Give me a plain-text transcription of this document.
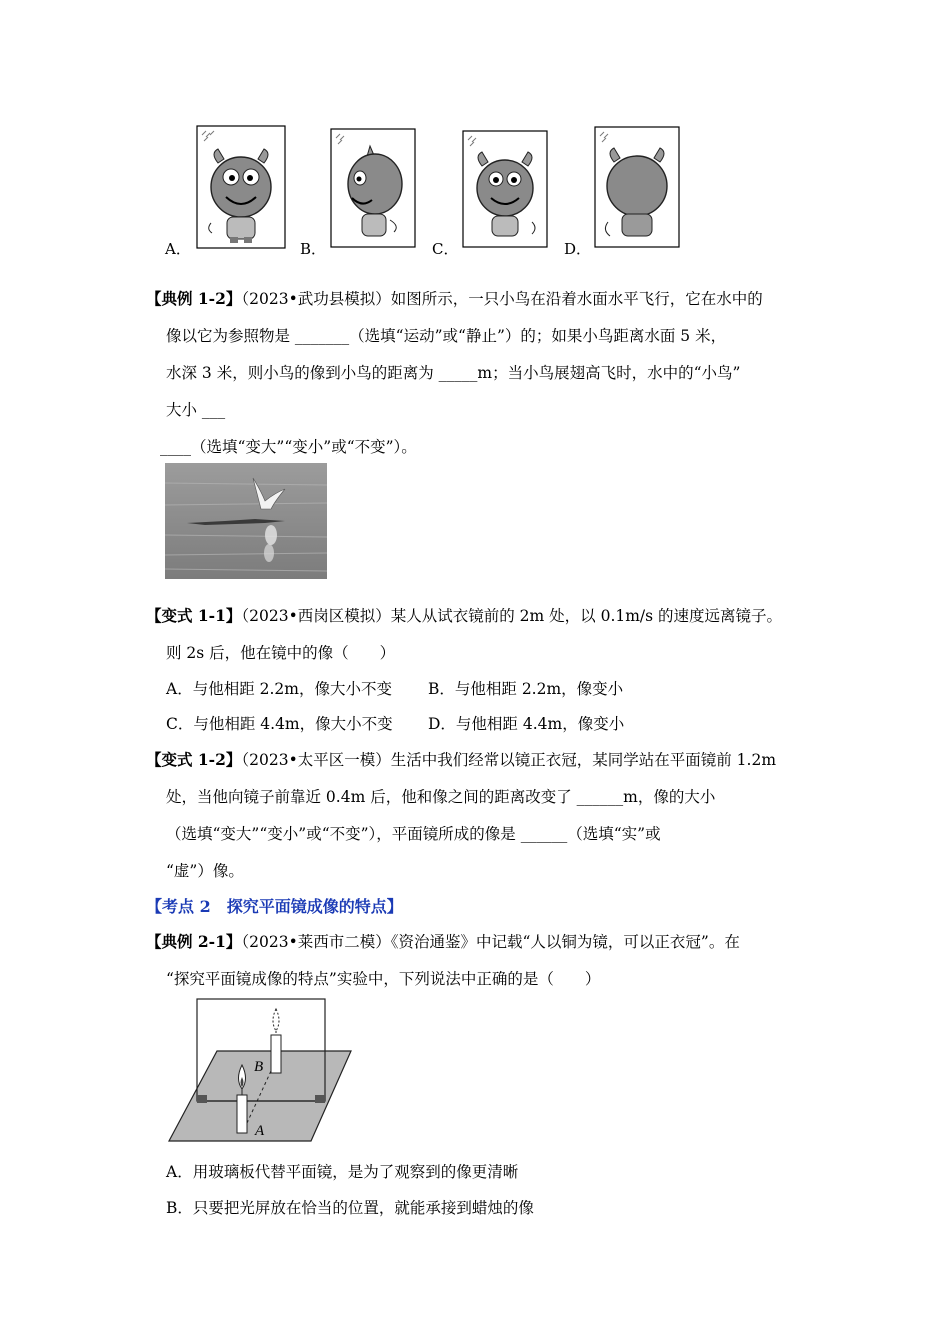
A．	B．	C．	D．
【典例 1-2】（2023•武功县模拟）如图所示，一只小鸟在沿着水面水平飞行，它在水中的
像以它为参照物是 _______（选填“运动”或“静止”）的；如果小鸟距离水面 5 米，
水深 3 米，则小鸟的像到小鸟的距离为 _____m；当小鸟展翅高飞时，水中的“小鸟”
大小 ___
____（选填“变大”“变小”或“不变”）。
【变式 1-1】（2023•西岗区模拟）某人从试衣镜前的 2m 处，以 0.1m/s 的速度远离镜子。
则 2s 后，他在镜中的像（　　）
A．与他相距 2.2m，像大小不变 B．与他相距 2.2m，像变小
C．与他相距 4.4m，像大小不变 D．与他相距 4.4m，像变小
【变式 1-2】（2023•太平区一模）生活中我们经常以镜正衣冠，某同学站在平面镜前 1.2m
处，当他向镜子前靠近 0.4m 后，他和像之间的距离改变了 ______m，像的大小
（选填“变大”“变小”或“不变”），平面镜所成的像是 ______（选填“实”或
“虚”）像。
【考点 2　探究平面镜成像的特点】
【典例 2-1】（2023•莱西市二模）《资治通鉴》中记载“人以铜为镜，可以正衣冠”。在
“探究平面镜成像的特点”实验中，下列说法中正确的是（　　）
A
B
A．用玻璃板代替平面镜，是为了观察到的像更清晰
B．只要把光屏放在恰当的位置，就能承接到蜡烛的像
